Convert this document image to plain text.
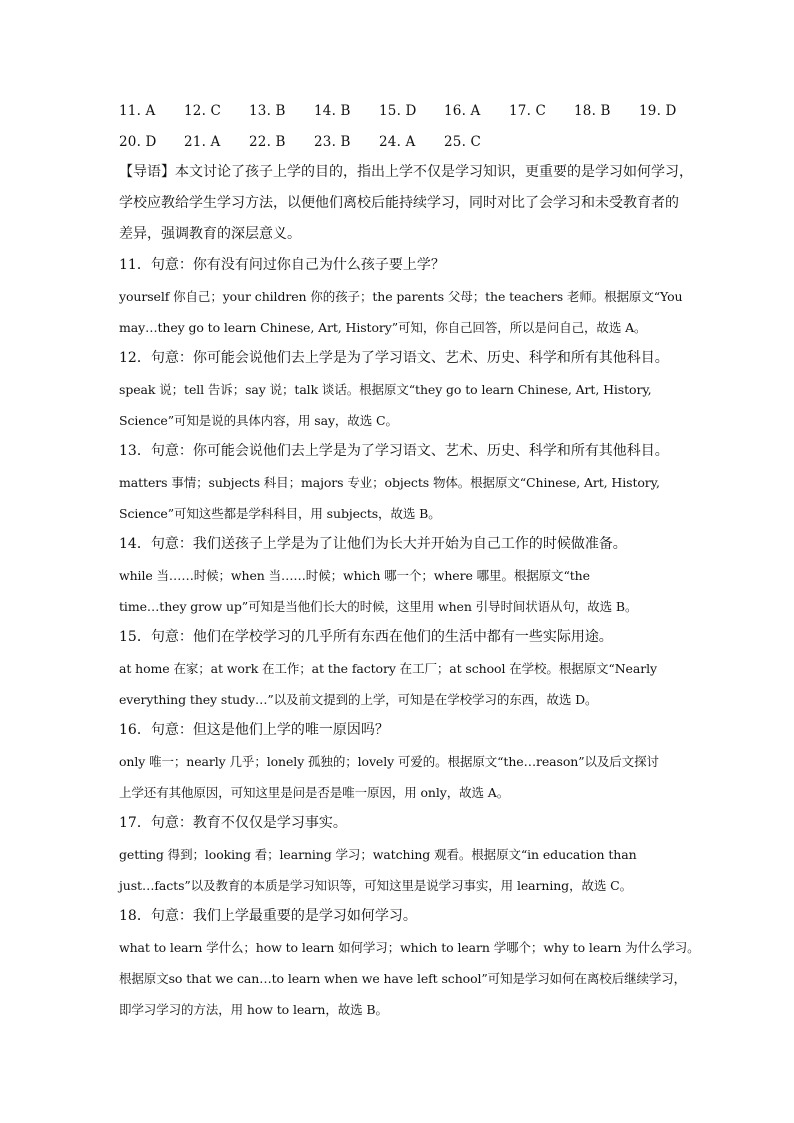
11. A 12. C 13. B 14. B 15. D 16. A 17. C 18. B 19. D
20. D 21. A 22. B 23. B 24. A 25. C
【导语】本文讨论了孩子上学的目的，指出上学不仅是学习知识，更重要的是学习如何学习，
学校应教给学生学习方法，以便他们离校后能持续学习，同时对比了会学习和未受教育者的
差异，强调教育的深层意义。
11．句意：你有没有问过你自己为什么孩子要上学？
yourself 你自己；your children 你的孩子；the parents 父母；the teachers 老师。根据原文“You
may…they go to learn Chinese, Art, History”可知，你自己回答，所以是问自己，故选 A。
12．句意：你可能会说他们去上学是为了学习语文、艺术、历史、科学和所有其他科目。
speak 说；tell 告诉；say 说；talk 谈话。根据原文“they go to learn Chinese, Art, History,
Science”可知是说的具体内容，用 say，故选 C。
13．句意：你可能会说他们去上学是为了学习语文、艺术、历史、科学和所有其他科目。
matters 事情；subjects 科目；majors 专业；objects 物体。根据原文“Chinese, Art, History,
Science”可知这些都是学科科目，用 subjects，故选 B。
14．句意：我们送孩子上学是为了让他们为长大并开始为自己工作的时候做准备。
while 当……时候；when 当……时候；which 哪一个；where 哪里。根据原文“the
time…they grow up”可知是当他们长大的时候，这里用 when 引导时间状语从句，故选 B。
15．句意：他们在学校学习的几乎所有东西在他们的生活中都有一些实际用途。
at home 在家；at work 在工作；at the factory 在工厂；at school 在学校。根据原文“Nearly
everything they study…”以及前文提到的上学，可知是在学校学习的东西，故选 D。
16．句意：但这是他们上学的唯一原因吗？
only 唯一；nearly 几乎；lonely 孤独的；lovely 可爱的。根据原文“the…reason”以及后文探讨
上学还有其他原因，可知这里是问是否是唯一原因，用 only，故选 A。
17．句意：教育不仅仅是学习事实。
getting 得到；looking 看；learning 学习；watching 观看。根据原文“in education than
just…facts”以及教育的本质是学习知识等，可知这里是说学习事实，用 learning，故选 C。
18．句意：我们上学最重要的是学习如何学习。
what to learn 学什么；how to learn 如何学习；which to learn 学哪个；why to learn 为什么学习。
根据原文so that we can…to learn when we have left school”可知是学习如何在离校后继续学习，
即学习学习的方法，用 how to learn，故选 B。
